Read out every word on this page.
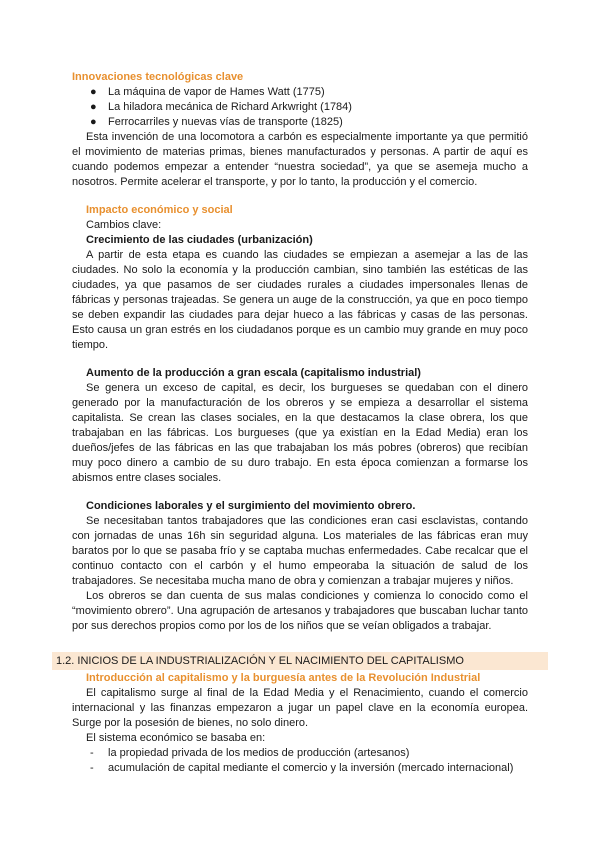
Innovaciones tecnológicas clave
● La máquina de vapor de Hames Watt (1775)
● La hiladora mecánica de Richard Arkwright (1784)
● Ferrocarriles y nuevas vías de transporte (1825)

Esta invención de una locomotora a carbón es especialmente importante ya que permitió el movimiento de materias primas, bienes manufacturados y personas. A partir de aquí es cuando podemos empezar a entender “nuestra sociedad”, ya que se asemeja mucho a nosotros. Permite acelerar el transporte, y por lo tanto, la producción y el comercio.

Impacto económico y social
Cambios clave:
Crecimiento de las ciudades (urbanización)

A partir de esta etapa es cuando las ciudades se empiezan a asemejar a las de las ciudades. No solo la economía y la producción cambian, sino también las estéticas de las ciudades, ya que pasamos de ser ciudades rurales a ciudades impersonales llenas de fábricas y personas trajeadas. Se genera un auge de la construcción, ya que en poco tiempo se deben expandir las ciudades para dejar hueco a las fábricas y casas de las personas. Esto causa un gran estrés en los ciudadanos porque es un cambio muy grande en muy poco tiempo.

Aumento de la producción a gran escala (capitalismo industrial)

Se genera un exceso de capital, es decir, los burgueses se quedaban con el dinero generado por la manufacturación de los obreros y se empieza a desarrollar el sistema capitalista. Se crean las clases sociales, en la que destacamos la clase obrera, los que trabajaban en las fábricas. Los burgueses (que ya existían en la Edad Media) eran los dueños/jefes de las fábricas en las que trabajaban los más pobres (obreros) que recibían muy poco dinero a cambio de su duro trabajo. En esta época comienzan a formarse los abismos entre clases sociales.

Condiciones laborales y el surgimiento del movimiento obrero.

Se necesitaban tantos trabajadores que las condiciones eran casi esclavistas, contando con jornadas de unas 16h sin seguridad alguna. Los materiales de las fábricas eran muy baratos por lo que se pasaba frío y se captaba muchas enfermedades. Cabe recalcar que el continuo contacto con el carbón y el humo empeoraba la situación de salud de los trabajadores. Se necesitaba mucha mano de obra y comienzan a trabajar mujeres y niños.

Los obreros se dan cuenta de sus malas condiciones y comienza lo conocido como el “movimiento obrero”. Una agrupación de artesanos y trabajadores que buscaban luchar tanto por sus derechos propios como por los de los niños que se veían obligados a trabajar.

1.2. INICIOS DE LA INDUSTRIALIZACIÓN Y EL NACIMIENTO DEL CAPITALISMO
Introducción al capitalismo y la burguesía antes de la Revolución Industrial

El capitalismo surge al final de la Edad Media y el Renacimiento, cuando el comercio internacional y las finanzas empezaron a jugar un papel clave en la economía europea. Surge por la posesión de bienes, no solo dinero.

El sistema económico se basaba en:
- la propiedad privada de los medios de producción (artesanos)
- acumulación de capital mediante el comercio y la inversión (mercado internacional)
